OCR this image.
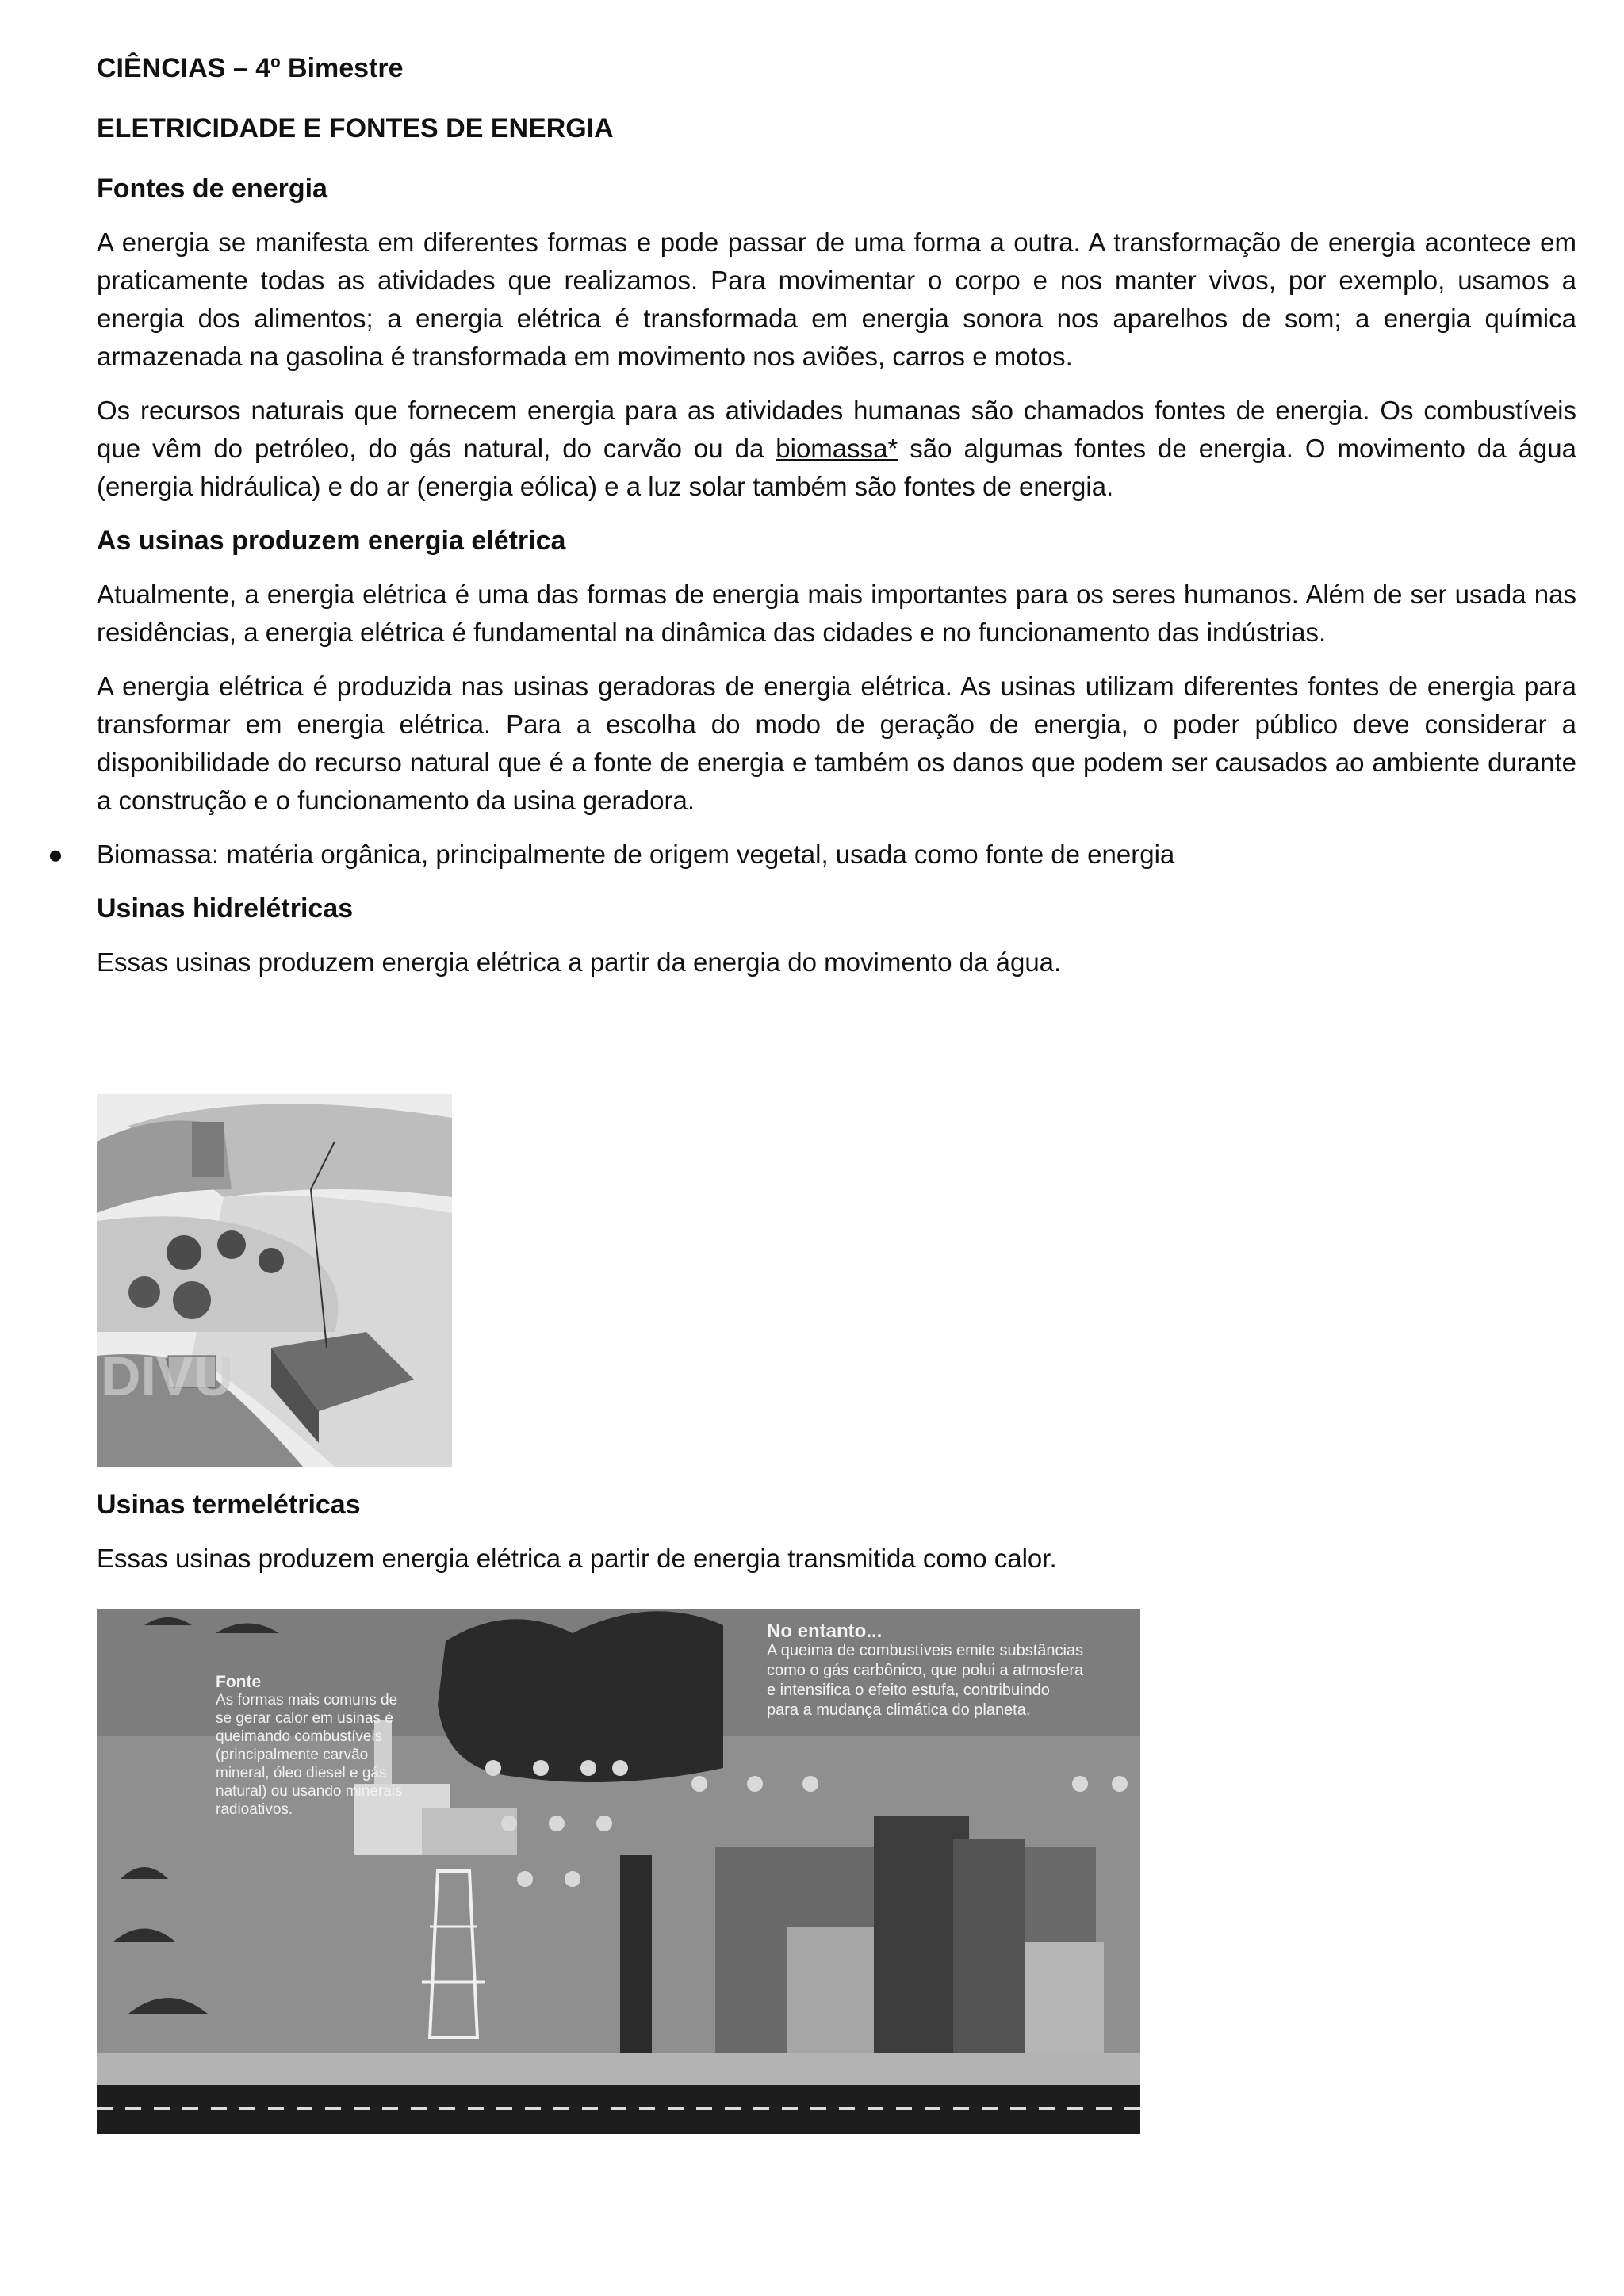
CIÊNCIAS – 4º Bimestre

ELETRICIDADE E FONTES DE ENERGIA

Fontes de energia

A energia se manifesta em diferentes formas e pode passar de uma forma a outra. A transformação de energia acontece em praticamente todas as atividades que realizamos. Para movimentar o corpo e nos manter vivos, por exemplo, usamos a energia dos alimentos; a energia elétrica é transformada em energia sonora nos aparelhos de som; a energia química armazenada na gasolina é transformada em movimento nos aviões, carros e motos.

Os recursos naturais que fornecem energia para as atividades humanas são chamados fontes de energia. Os combustíveis que vêm do petróleo, do gás natural, do carvão ou da biomassa* são algumas fontes de energia. O movimento da água (energia hidráulica) e do ar (energia eólica) e a luz solar também são fontes de energia.

As usinas produzem energia elétrica

Atualmente, a energia elétrica é uma das formas de energia mais importantes para os seres humanos. Além de ser usada nas residências, a energia elétrica é fundamental na dinâmica das cidades e no funcionamento das indústrias.

A energia elétrica é produzida nas usinas geradoras de energia elétrica. As usinas utilizam diferentes fontes de energia para transformar em energia elétrica. Para a escolha do modo de geração de energia, o poder público deve considerar a disponibilidade do recurso natural que é a fonte de energia e também os danos que podem ser causados ao ambiente durante a construção e o funcionamento da usina geradora.

● Biomassa: matéria orgânica, principalmente de origem vegetal, usada como fonte de energia

Usinas hidrelétricas

Essas usinas produzem energia elétrica a partir da energia do movimento da água.

DIVU

Usinas termelétricas

Essas usinas produzem energia elétrica a partir de energia transmitida como calor.

Fonte
As formas mais comuns de se gerar calor em usinas é queimando combustíveis (principalmente carvão mineral, óleo diesel e gás natural) ou usando minerais radioativos.
No entanto...
A queima de combustíveis emite substâncias como o gás carbônico, que polui a atmosfera e intensifica o efeito estufa, contribuindo para a mudança climática do planeta.
